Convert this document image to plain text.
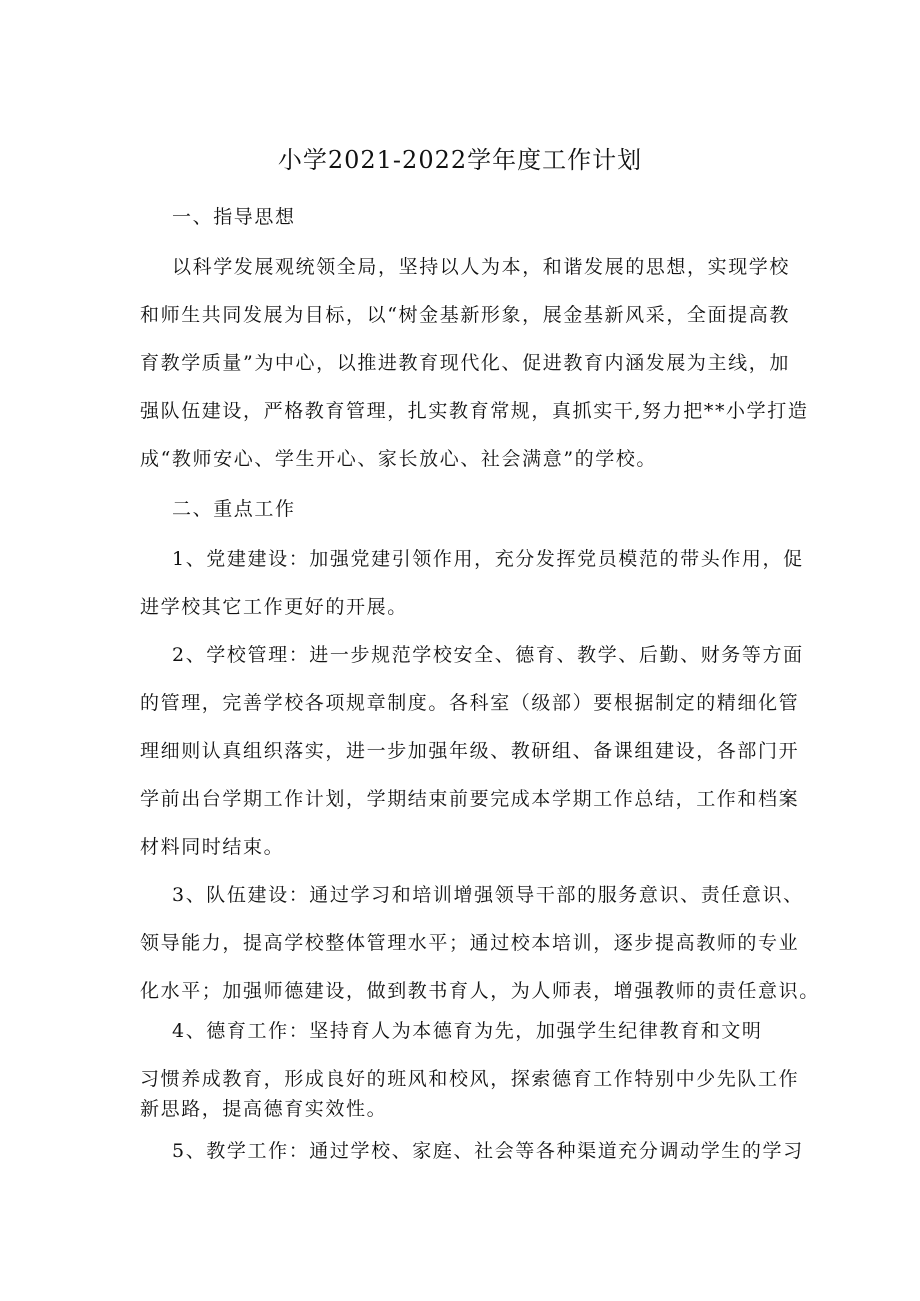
小学2021-2022学年度工作计划
一、指导思想
以科学发展观统领全局，坚持以人为本，和谐发展的思想，实现学校
和师生共同发展为目标，以“树金基新形象，展金基新风采，全面提高教
育教学质量”为中心，以推进教育现代化、促进教育内涵发展为主线，加
强队伍建设，严格教育管理，扎实教育常规，真抓实干,努力把**小学打造
成“教师安心、学生开心、家长放心、社会满意”的学校。
二、重点工作
1、党建建设：加强党建引领作用，充分发挥党员模范的带头作用，促
进学校其它工作更好的开展。
2、学校管理：进一步规范学校安全、德育、教学、后勤、财务等方面
的管理，完善学校各项规章制度。各科室（级部）要根据制定的精细化管
理细则认真组织落实，进一步加强年级、教研组、备课组建设，各部门开
学前出台学期工作计划，学期结束前要完成本学期工作总结，工作和档案
材料同时结束。
3、队伍建设：通过学习和培训增强领导干部的服务意识、责任意识、
领导能力，提高学校整体管理水平；通过校本培训，逐步提高教师的专业
化水平；加强师德建设，做到教书育人，为人师表，增强教师的责任意识。
4、德育工作：坚持育人为本德育为先，加强学生纪律教育和文明
习惯养成教育，形成良好的班风和校风，探索德育工作特别中少先队工作
新思路，提高德育实效性。
5、教学工作：通过学校、家庭、社会等各种渠道充分调动学生的学习
